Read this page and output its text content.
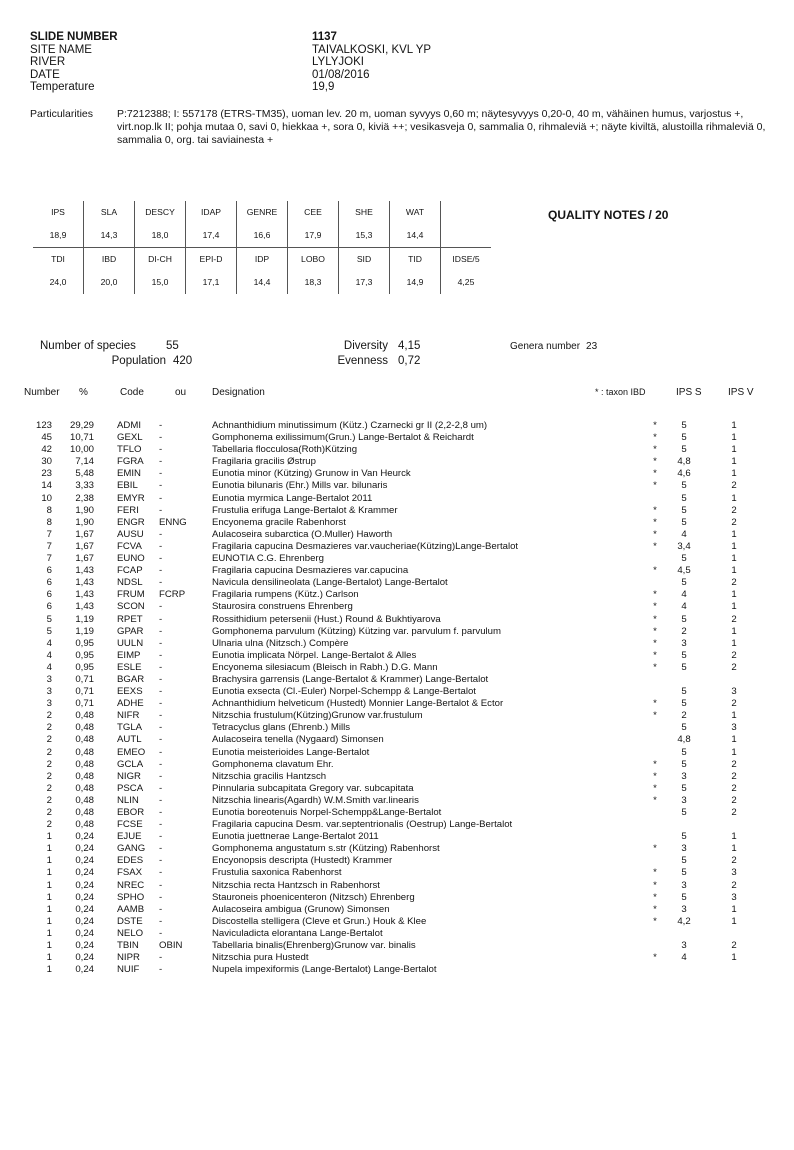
SLIDE NUMBER	1137
SITE NAME	TAIVALKOSKI, KVL YP
RIVER	LYLYJOKI
DATE	01/08/2016
Temperature	19,9
Particularities	P:7212388; I: 557178 (ETRS-TM35), uoman lev. 20 m, uoman syvyys 0,60 m; näytesyvyys 0,20-0, 40 m, vähäinen humus, varjostus +, virt.nop.lk II; pohja mutaa 0, savi 0, hiekkaa +, sora 0, kiviä ++; vesikasveja 0, sammalia 0, rihmaleviä +; näyte kiviltä, alustoilla rihmaleviä 0, sammalia 0, org. tai saviainesta +
IPS	SLA	DESCY	IDAP	GENRE	CEE	SHE	WAT	
18,9	14,3	18,0	17,4	16,6	17,9	15,3	14,4	
TDI	IBD	DI-CH	EPI-D	IDP	LOBO	SID	TID	IDSE/5
24,0	20,0	15,0	17,1	14,4	18,3	17,3	14,9	4,25
QUALITY NOTES / 20
Number of species	55
Population 420
Diversity 4,15
Evenness 0,72
Genera number 23
Number %	Code	ou	Designation	* : taxon IBD	IPS S	IPS V
123	29,29 ADMI -	Achnanthidium minutissimum (Kütz.) Czarnecki gr II (2,2-2,8 um)	*	5	1
45	10,71 GEXL -	Gomphonema exilissimum(Grun.) Lange-Bertalot & Reichardt	*	5	1
42	10,00 TFLO -	Tabellaria flocculosa(Roth)Kützing	*	5	1
30	7,14 FGRA -	Fragilaria gracilis Østrup	*	4,8	1
23	5,48 EMIN -	Eunotia minor (Kützing) Grunow in Van Heurck	*	4,6	1
14	3,33 EBIL -	Eunotia bilunaris (Ehr.) Mills var. bilunaris	*	5	2
10	2,38 EMYR -	Eunotia myrmica Lange-Bertalot 2011	5	1
8	1,90 FERI -	Frustulia erifuga Lange-Bertalot & Krammer	*	5	2
8	1,90 ENGR ENNG	Encyonema gracile Rabenhorst	*	5	2
7	1,67 AUSU -	Aulacoseira subarctica (O.Muller) Haworth	*	4	1
7	1,67 FCVA -	Fragilaria capucina Desmazieres var.vaucheriae(Kützing)Lange-Bertalot	*	3,4	1
7	1,67 EUNO -	EUNOTIA C.G. Ehrenberg	5	1
6	1,43 FCAP -	Fragilaria capucina Desmazieres var.capucina	*	4,5	1
6	1,43 NDSL -	Navicula densilineolata (Lange-Bertalot) Lange-Bertalot	5	2
6	1,43 FRUM FCRP	Fragilaria rumpens (Kütz.) Carlson	*	4	1
6	1,43 SCON -	Staurosira construens Ehrenberg	*	4	1
5	1,19 RPET -	Rossithidium petersenii (Hust.) Round & Bukhtiyarova	*	5	2
5	1,19 GPAR -	Gomphonema parvulum (Kützing) Kützing var. parvulum f. parvulum	*	2	1
4	0,95 UULN -	Ulnaria ulna (Nitzsch.) Compère	*	3	1
4	0,95 EIMP -	Eunotia implicata Nörpel. Lange-Bertalot & Alles	*	5	2
4	0,95 ESLE -	Encyonema silesiacum (Bleisch in Rabh.) D.G. Mann	*	5	2
3	0,71 BGAR -	Brachysira garrensis (Lange-Bertalot & Krammer) Lange-Bertalot
3	0,71 EEXS -	Eunotia exsecta (Cl.-Euler) Norpel-Schempp & Lange-Bertalot	5	3
3	0,71 ADHE -	Achnanthidium helveticum (Hustedt) Monnier Lange-Bertalot & Ector	*	5	2
2	0,48 NIFR -	Nitzschia frustulum(Kützing)Grunow var.frustulum	*	2	1
2	0,48 TGLA -	Tetracyclus glans (Ehrenb.) Mills	5	3
2	0,48 AUTL -	Aulacoseira tenella (Nygaard) Simonsen	4,8	1
2	0,48 EMEO -	Eunotia meisterioides Lange-Bertalot	5	1
2	0,48 GCLA -	Gomphonema clavatum Ehr.	*	5	2
2	0,48 NIGR -	Nitzschia gracilis Hantzsch	*	3	2
2	0,48 PSCA -	Pinnularia subcapitata Gregory var. subcapitata	*	5	2
2	0,48 NLIN -	Nitzschia linearis(Agardh) W.M.Smith var.linearis	*	3	2
2	0,48 EBOR -	Eunotia boreotenuis Norpel-Schempp&Lange-Bertalot	5	2
2	0,48 FCSE -	Fragilaria capucina Desm. var.septentrionalis (Oestrup) Lange-Bertalot
1	0,24 EJUE -	Eunotia juettnerae Lange-Bertalot 2011	5	1
1	0,24 GANG -	Gomphonema angustatum s.str (Kützing) Rabenhorst	*	3	1
1	0,24 EDES -	Encyonopsis descripta (Hustedt) Krammer	5	2
1	0,24 FSAX -	Frustulia saxonica Rabenhorst	*	5	3
1	0,24 NREC -	Nitzschia recta Hantzsch in Rabenhorst	*	3	2
1	0,24 SPHO -	Stauroneis phoenicenteron (Nitzsch) Ehrenberg	*	5	3
1	0,24 AAMB -	Aulacoseira ambigua (Grunow) Simonsen	*	3	1
1	0,24 DSTE -	Discostella stelligera (Cleve et Grun.) Houk & Klee	*	4,2	1
1	0,24 NELO -	Naviculadicta elorantana Lange-Bertalot
1	0,24 TBIN OBIN	Tabellaria binalis(Ehrenberg)Grunow var. binalis	3	2
1	0,24 NIPR -	Nitzschia pura Hustedt	*	4	1
1	0,24 NUIF -	Nupela impexiformis (Lange-Bertalot) Lange-Bertalot
